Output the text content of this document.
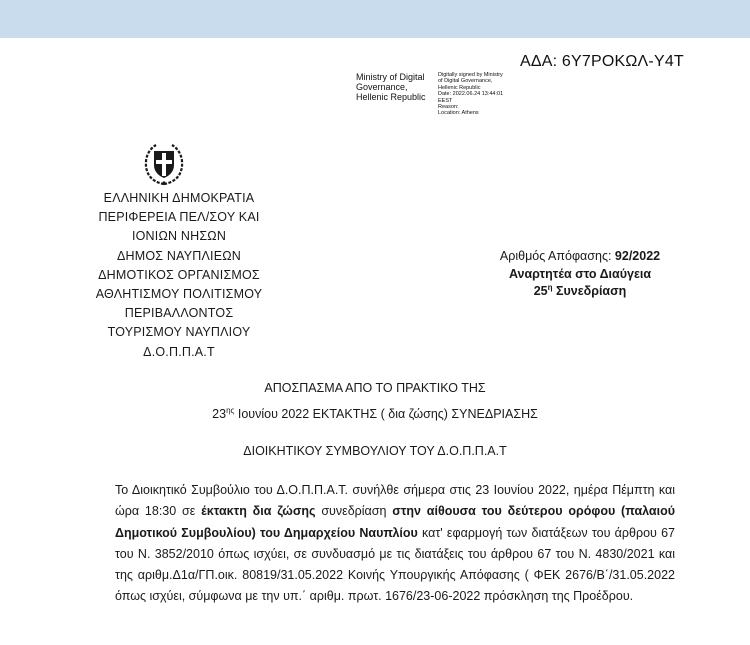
ΑΔΑ: 6Υ7ΡΟΚΩΛ-Υ4Τ
Ministry of Digital
Governance,
Hellenic Republic
Digitally signed by Ministry
of Digital Governance,
Hellenic Republic
Date: 2022.06.24 13:44:01
EEST
Reason:
Location: Athens
ΕΛΛΗΝΙΚΗ ΔΗΜΟΚΡΑΤΙΑ
ΠΕΡΙΦΕΡΕΙΑ ΠΕΛ/ΣΟΥ ΚΑΙ
ΙΟΝΙΩΝ ΝΗΣΩΝ
ΔΗΜΟΣ ΝΑΥΠΛΙΕΩΝ
ΔΗΜΟΤΙΚΟΣ ΟΡΓΑΝΙΣΜΟΣ
ΑΘΛΗΤΙΣΜΟΥ ΠΟΛΙΤΙΣΜΟΥ
ΠΕΡΙΒΑΛΛΟΝΤΟΣ
ΤΟΥΡΙΣΜΟΥ ΝΑΥΠΛΙΟΥ
Δ.Ο.Π.Π.Α.Τ
Αριθμός Απόφασης: 92/2022
Αναρτητέα στο Διαύγεια
$25^\eta$ Συνεδρίαση
ΑΠΟΣΠΑΣΜΑ ΑΠΟ ΤΟ ΠΡΑΚΤΙΚΟ ΤΗΣ
$23^{\eta\varsigma}$ Ιουνίου 2022 ΕΚΤΑΚΤΗΣ ( δια ζώσης) ΣΥΝΕΔΡΙΑΣΗΣ
ΔΙΟΙΚΗΤΙΚΟΥ ΣΥΜΒΟΥΛΙΟΥ ΤΟΥ Δ.Ο.Π.Π.Α.Τ

Το Διοικητικό Συμβούλιο του Δ.Ο.Π.Π.Α.Τ. συνήλθε σήμερα στις 23 Ιουνίου 2022, ημέρα Πέμπτη και ώρα 18:30 σε έκτακτη δια ζώσης συνεδρίαση στην αίθουσα του δεύτερου ορόφου (παλαιού Δημοτικού Συμβουλίου) του Δημαρχείου Ναυπλίου κατ' εφαρμογή των διατάξεων του άρθρου 67 του Ν. 3852/2010 όπως ισχύει, σε συνδυασμό με τις διατάξεις του άρθρου 67 του Ν. 4830/2021 και της αριθμ.Δ1α/ΓΠ.οικ. 80819/31.05.2022 Κοινής Υπουργικής Απόφασης ( ΦΕΚ 2676/Β΄/31.05.2022 όπως ισχύει, σύμφωνα με την υπ.΄ αριθμ. πρωτ. 1676/23-06-2022 πρόσκληση της Προέδρου.
